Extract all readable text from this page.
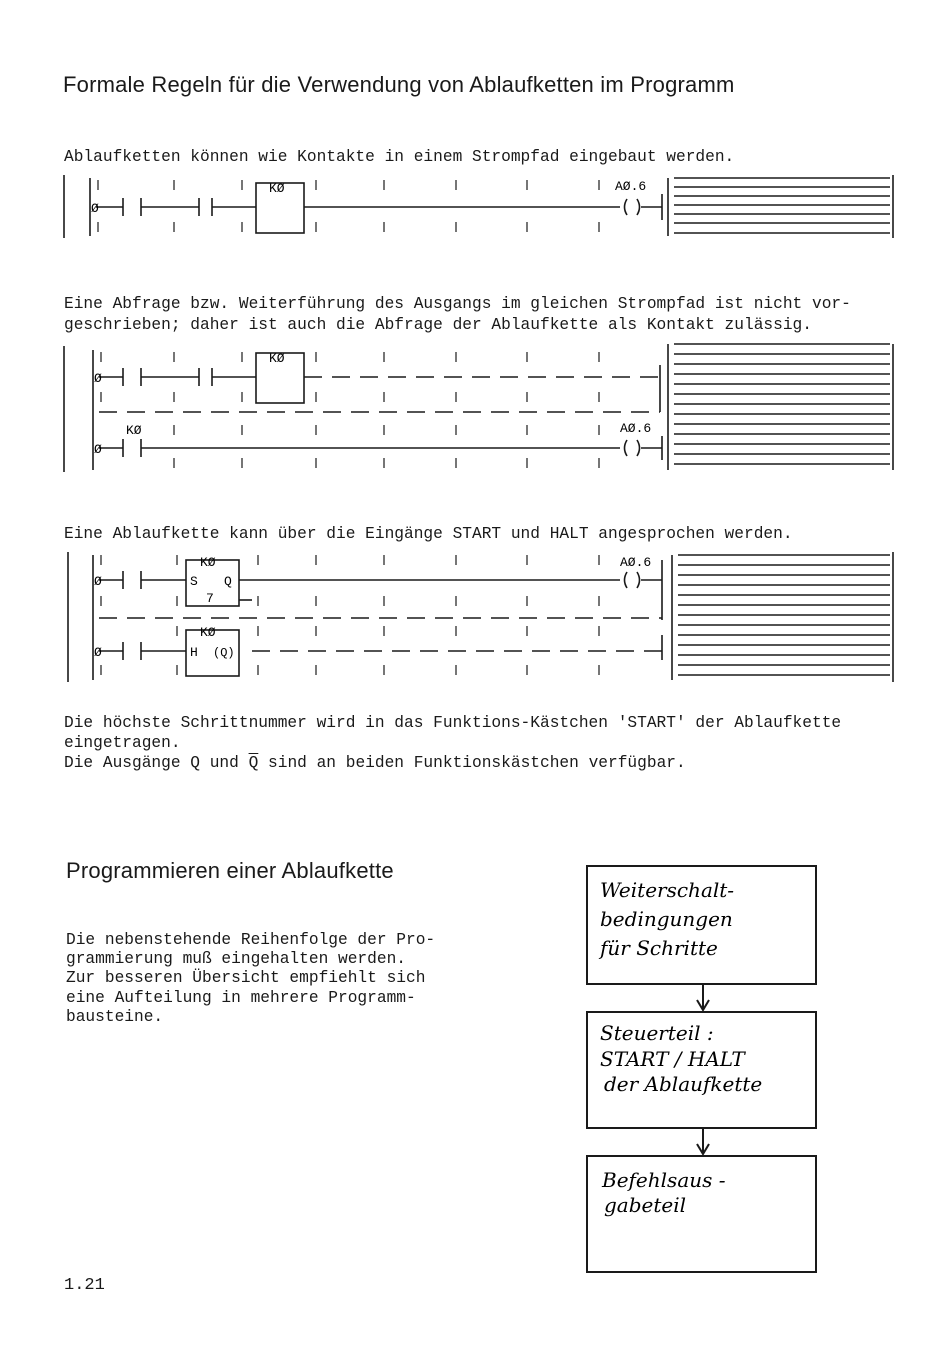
Formale Regeln für die Verwendung von Ablaufketten im Programm

Ablaufketten können wie Kontakte in einem Strompfad eingebaut werden.

Ø
KØ	AØ.6

Eine Abfrage bzw. Weiterführung des Ausgangs im gleichen Strompfad ist nicht vor-

geschrieben; daher ist auch die Abfrage der Ablaufkette als Kontakt zulässig.

Ø
KØ
Ø
KØ	AØ.6

Eine Ablaufkette kann über die Eingänge START und HALT angesprochen werden.

Ø
KØ
S Q
7
AØ.6
Ø
KØ
H (Q)

Die höchste Schrittnummer wird in das Funktions-Kästchen 'START' der Ablaufkette

eingetragen.

Die Ausgänge Q und $\overline{Q}$ sind an beiden Funktionskästchen verfügbar.

Programmieren einer Ablaufkette

Die nebenstehende Reihenfolge der Pro-

grammierung muß eingehalten werden.

Zur besseren Übersicht empfiehlt sich

eine Aufteilung in mehrere Programm-

bausteine.

Weiterschalt-
bedingungen
für Schritte
Steuerteil :
START / HALT
der Ablaufkette
Befehlsaus -
gabeteil

1.21
